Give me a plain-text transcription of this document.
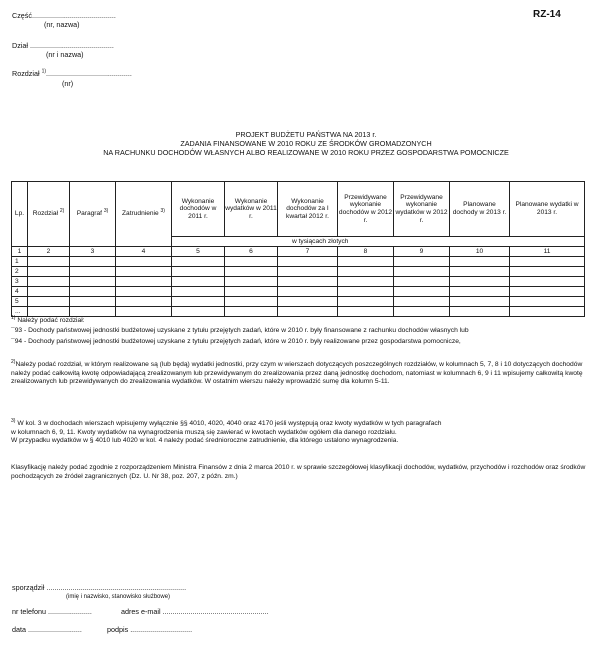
Część..........................................
(nr, nazwa)
RZ-14
Dział ..........................................
(nr i nazwa)
Rozdział $^{1)}$...........................................
(nr)
PROJEKT BUDŻETU PAŃSTWA NA 2013 r.
ZADANIA FINANSOWANE W 2010 ROKU ZE ŚRODKÓW GROMADZONYCH
NA RACHUNKU DOCHODÓW WŁASNYCH ALBO REALIZOWANE W 2010 ROKU PRZEZ GOSPODARSTWA POMOCNICZE
Lp.	Rozdział $^{2)}$	Paragraf $^{3)}$	Zatrudnienie $^{3)}$	Wykonanie dochodów w 2011 r.	Wykonanie wydatków w 2011 r.	Wykonanie dochodów za I kwartał 2012 r.	Przewidywane wykonanie dochodów w 2012 r.	Przewidywane wykonanie wydatków w 2012 r.	Planowane dochody w 2013 r.	Planowane wydatki w 2013 r.
				w tysiącach złotych						
1	2	3	4	5	6	7	8	9	10	11
1										
2										
3										
4										
5										
...										

$^{1)}$ Należy podać rozdział:

¯93 - Dochody państwowej jednostki budżetowej uzyskane z tytułu przejętych zadań, które w 2010 r. były finansowane z rachunku dochodów własnych lub

¯94 - Dochody państwowej jednostki budżetowej uzyskane z tytułu przejętych zadań, które w 2010 r. były realizowane przez gospodarstwa pomocnicze,

$^{2)}$Należy podać rozdział, w którym realizowane są (lub będą) wydatki jednostki, przy czym w wierszach dotyczących poszczególnych rozdziałów, w kolumnach 5, 7, 8 i 10 dotyczących dochodów należy podać całkowitą kwotę odpowiadającą zrealizowanym lub przewidywanym do zrealizowania przez daną jednostkę dochodom, natomiast w kolumnach 6, 9 i 11 wpisujemy całkowitą kwotę zrealizowanych lub przewidywanych do zrealizowania wydatków. W ostatnim wierszu należy wprowadzić sumę dla kolumn 5-11.

$^{3)}$ W kol. 3 w dochodach wierszach wpisujemy wyłącznie §§ 4010, 4020, 4040 oraz 4170 jeśli występują oraz kwoty wydatków w tych paragrafach

w kolumnach 6, 9, 11. Kwoty wydatków na wynagrodzenia muszą się zawierać w kwotach wydatków ogółem dla danego rozdziału.

W przypadku wydatków w § 4010 lub 4020 w kol. 4 należy podać średnioroczne zatrudnienie, dla którego ustalono wynagrodzenia.

Klasyfikację należy podać zgodnie z rozporządzeniem Ministra Finansów z dnia 2 marca 2010 r. w sprawie szczegółowej klasyfikacji dochodów, wydatków, przychodów i rozchodów oraz środków pochodzących ze źródeł zagranicznych (Dz. U. Nr 38, poz. 207, z późn. zm.)
sporządził ......................................................................
(imię i nazwisko, stanowisko służbowe)
nr telefonu ......................	adres e-mail .....................................................
data ...........................	podpis ...............................
